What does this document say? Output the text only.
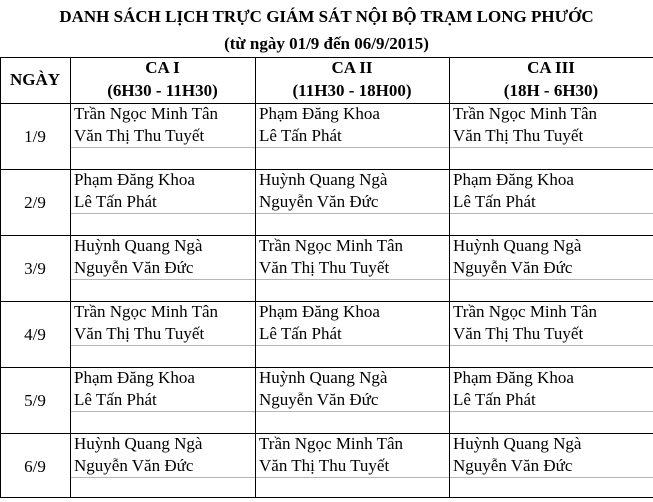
DANH SÁCH LỊCH TRỰC GIÁM SÁT NỘI BỘ TRẠM LONG PHƯỚC
(từ ngày 01/9 đến 06/9/2015)
NGÀY
CA I
(6H30 - 11H30)
CA II
(11H30 - 18H00)
CA III
(18H - 6H30)
1/9
Trần Ngọc Minh Tân
Văn Thị Thu Tuyết
Phạm Đăng Khoa
Lê Tấn Phát
Trần Ngọc Minh Tân
Văn Thị Thu Tuyết
2/9
Phạm Đăng Khoa
Lê Tấn Phát
Huỳnh Quang Ngà
Nguyễn Văn Đức
Phạm Đăng Khoa
Lê Tấn Phát
3/9
Huỳnh Quang Ngà
Nguyễn Văn Đức
Trần Ngọc Minh Tân
Văn Thị Thu Tuyết
Huỳnh Quang Ngà
Nguyễn Văn Đức
4/9
Trần Ngọc Minh Tân
Văn Thị Thu Tuyết
Phạm Đăng Khoa
Lê Tấn Phát
Trần Ngọc Minh Tân
Văn Thị Thu Tuyết
5/9
Phạm Đăng Khoa
Lê Tấn Phát
Huỳnh Quang Ngà
Nguyễn Văn Đức
Phạm Đăng Khoa
Lê Tấn Phát
6/9
Huỳnh Quang Ngà
Nguyễn Văn Đức
Trần Ngọc Minh Tân
Văn Thị Thu Tuyết
Huỳnh Quang Ngà
Nguyễn Văn Đức
